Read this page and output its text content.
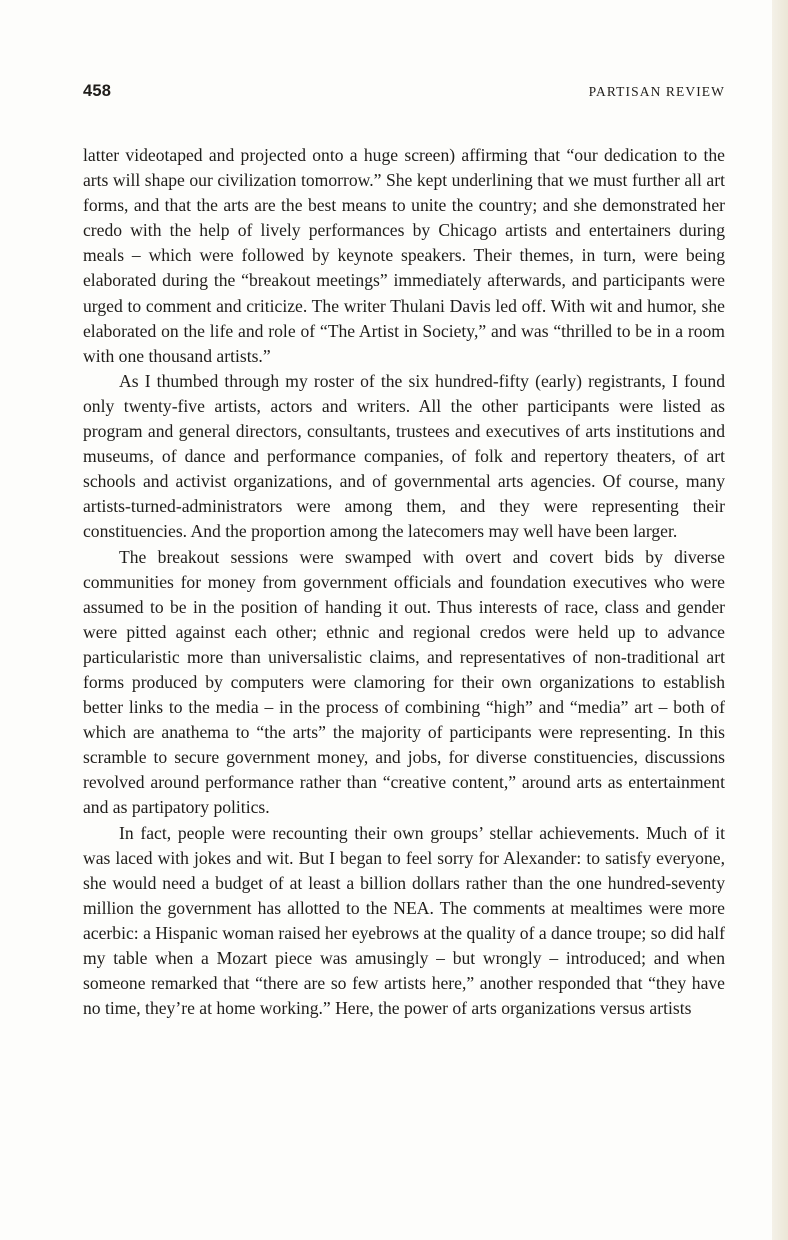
458	PARTISAN REVIEW

latter videotaped and projected onto a huge screen) affirming that “our dedication to the arts will shape our civilization tomorrow.” She kept underlining that we must further all art forms, and that the arts are the best means to unite the country; and she demonstrated her credo with the help of lively performances by Chicago artists and entertainers during meals – which were followed by keynote speakers. Their themes, in turn, were being elaborated during the “breakout meetings” immediately afterwards, and participants were urged to comment and criticize. The writer Thulani Davis led off. With wit and humor, she elaborated on the life and role of “The Artist in Society,” and was “thrilled to be in a room with one thousand artists.”

As I thumbed through my roster of the six hundred-fifty (early) registrants, I found only twenty-five artists, actors and writers. All the other participants were listed as program and general directors, consultants, trustees and executives of arts institutions and museums, of dance and performance companies, of folk and repertory theaters, of art schools and activist organizations, and of governmental arts agencies. Of course, many artists-turned-administrators were among them, and they were representing their constituencies. And the proportion among the latecomers may well have been larger.

The breakout sessions were swamped with overt and covert bids by diverse communities for money from government officials and foundation executives who were assumed to be in the position of handing it out. Thus interests of race, class and gender were pitted against each other; ethnic and regional credos were held up to advance particularistic more than universalistic claims, and representatives of non-traditional art forms produced by computers were clamoring for their own organizations to establish better links to the media – in the process of combining “high” and “media” art – both of which are anathema to “the arts” the majority of participants were representing. In this scramble to secure government money, and jobs, for diverse constituencies, discussions revolved around performance rather than “creative content,” around arts as entertainment and as partipatory politics.

In fact, people were recounting their own groups’ stellar achievements. Much of it was laced with jokes and wit. But I began to feel sorry for Alexander: to satisfy everyone, she would need a budget of at least a billion dollars rather than the one hundred-seventy million the government has allotted to the NEA. The comments at mealtimes were more acerbic: a Hispanic woman raised her eyebrows at the quality of a dance troupe; so did half my table when a Mozart piece was amusingly – but wrongly – introduced; and when someone remarked that “there are so few artists here,” another responded that “they have no time, they’re at home working.” Here, the power of arts organizations versus artists
